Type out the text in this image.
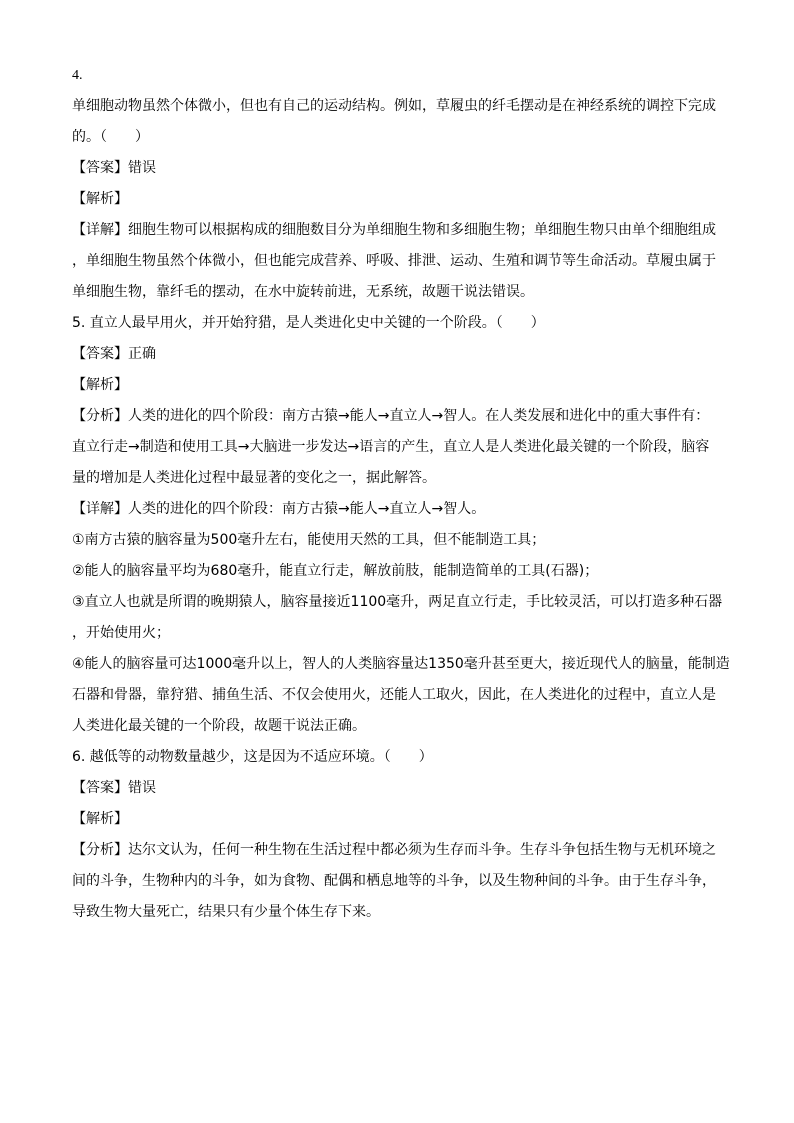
4.
单细胞动物虽然个体微小，但也有自己的运动结构。例如，草履虫的纤毛摆动是在神经系统的调控下完成
的。（　　）
【答案】错误
【解析】
【详解】细胞生物可以根据构成的细胞数目分为单细胞生物和多细胞生物；单细胞生物只由单个细胞组成
，单细胞生物虽然个体微小，但也能完成营养、呼吸、排泄、运动、生殖和调节等生命活动。草履虫属于
单细胞生物，靠纤毛的摆动，在水中旋转前进，无系统，故题干说法错误。
5. 直立人最早用火，并开始狩猎，是人类进化史中关键的一个阶段。（　　）
【答案】正确
【解析】
【分析】人类的进化的四个阶段：南方古猿→能人→直立人→智人。在人类发展和进化中的重大事件有：
直立行走→制造和使用工具→大脑进一步发达→语言的产生，直立人是人类进化最关键的一个阶段，脑容
量的增加是人类进化过程中最显著的变化之一，据此解答。
【详解】人类的进化的四个阶段：南方古猿→能人→直立人→智人。
①南方古猿的脑容量为500毫升左右，能使用天然的工具，但不能制造工具；
②能人的脑容量平均为680毫升，能直立行走，解放前肢，能制造简单的工具(石器)；
③直立人也就是所谓的晚期猿人，脑容量接近1100毫升，两足直立行走，手比较灵活，可以打造多种石器
，开始使用火；
④能人的脑容量可达1000毫升以上，智人的人类脑容量达1350毫升甚至更大，接近现代人的脑量，能制造
石器和骨器，靠狩猎、捕鱼生活、不仅会使用火，还能人工取火，因此，在人类进化的过程中，直立人是
人类进化最关键的一个阶段，故题干说法正确。
6. 越低等的动物数量越少，这是因为不适应环境。（　　）
【答案】错误
【解析】
【分析】达尔文认为，任何一种生物在生活过程中都必须为生存而斗争。生存斗争包括生物与无机环境之
间的斗争，生物种内的斗争，如为食物、配偶和栖息地等的斗争，以及生物种间的斗争。由于生存斗争，
导致生物大量死亡，结果只有少量个体生存下来。
